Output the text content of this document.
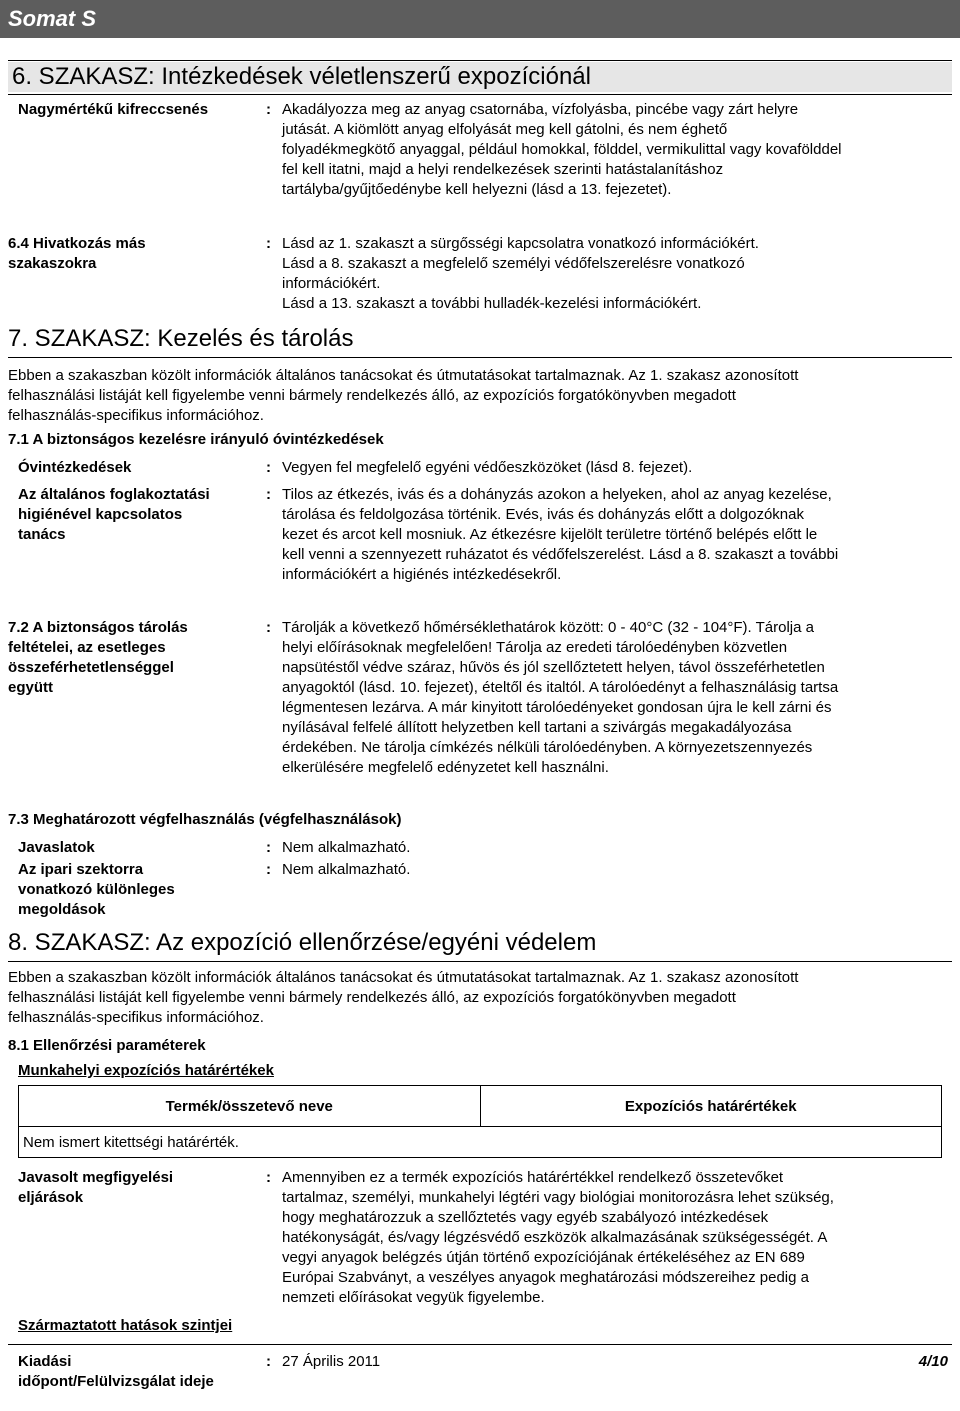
Somat S
6. SZAKASZ: Intézkedések véletlenszerű expozíciónál
Nagymértékű kifreccsenés	: Akadályozza meg az anyag csatornába, vízfolyásba, pincébe vagy zárt helyre
jutását. A kiömlött anyag elfolyását meg kell gátolni, és nem éghető
folyadékmegkötő anyaggal, például homokkal, földdel, vermikulittal vagy kovafölddel
fel kell itatni, majd a helyi rendelkezések szerinti hatástalanításhoz
tartályba/gyűjtőedénybe kell helyezni (lásd a 13. fejezetet).
6.4 Hivatkozás más
szakaszokra
: Lásd az 1. szakaszt a sürgősségi kapcsolatra vonatkozó információkért.
Lásd a 8. szakaszt a megfelelő személyi védőfelszerelésre vonatkozó
információkért.
Lásd a 13. szakaszt a további hulladék-kezelési információkért.
7. SZAKASZ: Kezelés és tárolás
Ebben a szakaszban közölt információk általános tanácsokat és útmutatásokat tartalmaznak. Az 1. szakasz azonosított
felhasználási listáját kell figyelembe venni bármely rendelkezés álló, az expozíciós forgatókönyvben megadott
felhasználás-specifikus információhoz.
7.1 A biztonságos kezelésre irányuló óvintézkedések
Óvintézkedések	: Vegyen fel megfelelő egyéni védőeszközöket (lásd 8. fejezet).
Az általános foglakoztatási
higiénével kapcsolatos
tanács
: Tilos az étkezés, ivás és a dohányzás azokon a helyeken, ahol az anyag kezelése,
tárolása és feldolgozása történik. Evés, ivás és dohányzás előtt a dolgozóknak
kezet és arcot kell mosniuk. Az étkezésre kijelölt területre történő belépés előtt le
kell venni a szennyezett ruházatot és védőfelszerelést. Lásd a 8. szakaszt a további
információkért a higiénés intézkedésekről.
7.2 A biztonságos tárolás
feltételei, az esetleges
összeférhetetlenséggel
együtt
: Tárolják a következő hőmérséklethatárok között: 0 - 40°C (32 - 104°F). Tárolja a
helyi előírásoknak megfelelően! Tárolja az eredeti tárolóedényben közvetlen
napsütéstől védve száraz, hűvös és jól szellőztetett helyen, távol összeférhetetlen
anyagoktól (lásd. 10. fejezet), ételtől és italtól. A tárolóedényt a felhasználásig tartsa
légmentesen lezárva. A már kinyitott tárolóedényeket gondosan újra le kell zárni és
nyílásával felfelé állított helyzetben kell tartani a szivárgás megakadályozása
érdekében. Ne tárolja címkézés nélküli tárolóedényben. A környezetszennyezés
elkerülésére megfelelő edényzetet kell használni.
7.3 Meghatározott végfelhasználás (végfelhasználások)
Javaslatok	: Nem alkalmazható.
Az ipari szektorra
vonatkozó különleges
megoldások
: Nem alkalmazható.
8. SZAKASZ: Az expozíció ellenőrzése/egyéni védelem
Ebben a szakaszban közölt információk általános tanácsokat és útmutatásokat tartalmaznak. Az 1. szakasz azonosított
felhasználási listáját kell figyelembe venni bármely rendelkezés álló, az expozíciós forgatókönyvben megadott
felhasználás-specifikus információhoz.
8.1 Ellenőrzési paraméterek
Munkahelyi expozíciós határértékek
Termék/összetevő neve	Expozíciós határértékek
Nem ismert kitettségi határérték.
Javasolt megfigyelési
eljárások
: Amennyiben ez a termék expozíciós határértékkel rendelkező összetevőket
tartalmaz, személyi, munkahelyi légtéri vagy biológiai monitorozásra lehet szükség,
hogy meghatározzuk a szellőztetés vagy egyéb szabályozó intézkedések
hatékonyságát, és/vagy légzésvédő eszközök alkalmazásának szükségességét. A
vegyi anyagok belégzés útján történő expozíciójának értékeléséhez az EN 689
Európai Szabványt, a veszélyes anyagok meghatározási módszereihez pedig a
nemzeti előírásokat vegyük figyelembe.
Származtatott hatások szintjei
Kiadási
időpont/Felülvizsgálat ideje
: 27 Április 2011	4/10
